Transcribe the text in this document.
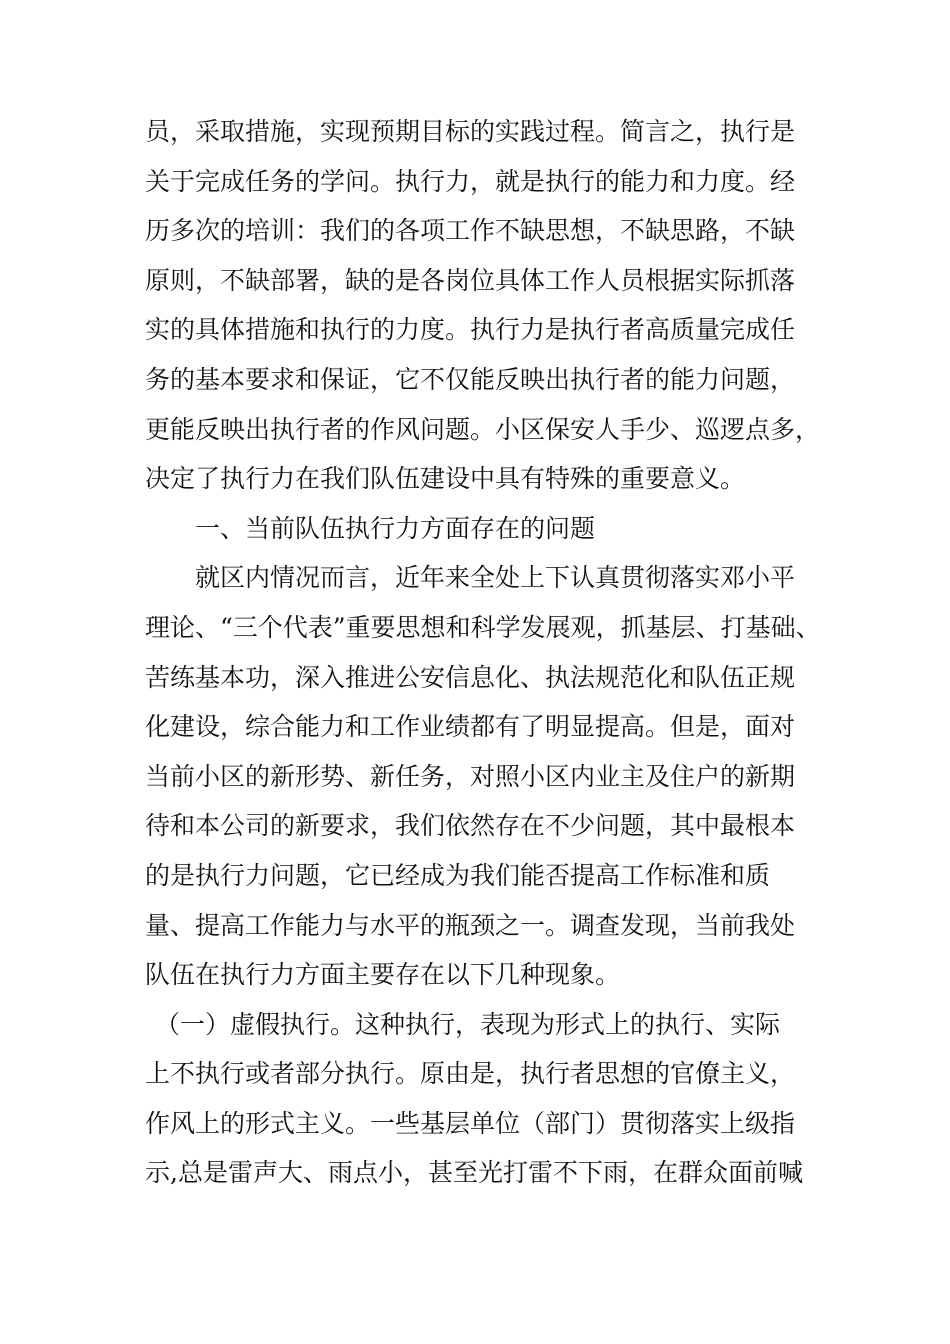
员，采取措施，实现预期目标的实践过程。简言之，执行是
关于完成任务的学问。执行力，就是执行的能力和力度。经
历多次的培训：我们的各项工作不缺思想，不缺思路，不缺
原则，不缺部署，缺的是各岗位具体工作人员根据实际抓落
实的具体措施和执行的力度。执行力是执行者高质量完成任
务的基本要求和保证，它不仅能反映出执行者的能力问题，
更能反映出执行者的作风问题。小区保安人手少、巡逻点多，
决定了执行力在我们队伍建设中具有特殊的重要意义。
一、当前队伍执行力方面存在的问题
就区内情况而言，近年来全处上下认真贯彻落实邓小平
理论、“三个代表”重要思想和科学发展观，抓基层、打基础、
苦练基本功，深入推进公安信息化、执法规范化和队伍正规
化建设，综合能力和工作业绩都有了明显提高。但是，面对
当前小区的新形势、新任务，对照小区内业主及住户的新期
待和本公司的新要求，我们依然存在不少问题，其中最根本
的是执行力问题，它已经成为我们能否提高工作标准和质
量、提高工作能力与水平的瓶颈之一。调查发现，当前我处
队伍在执行力方面主要存在以下几种现象。
（一）虚假执行。这种执行，表现为形式上的执行、实际
上不执行或者部分执行。原由是，执行者思想的官僚主义，
作风上的形式主义。一些基层单位（部门）贯彻落实上级指
示,总是雷声大、雨点小，甚至光打雷不下雨，在群众面前喊
